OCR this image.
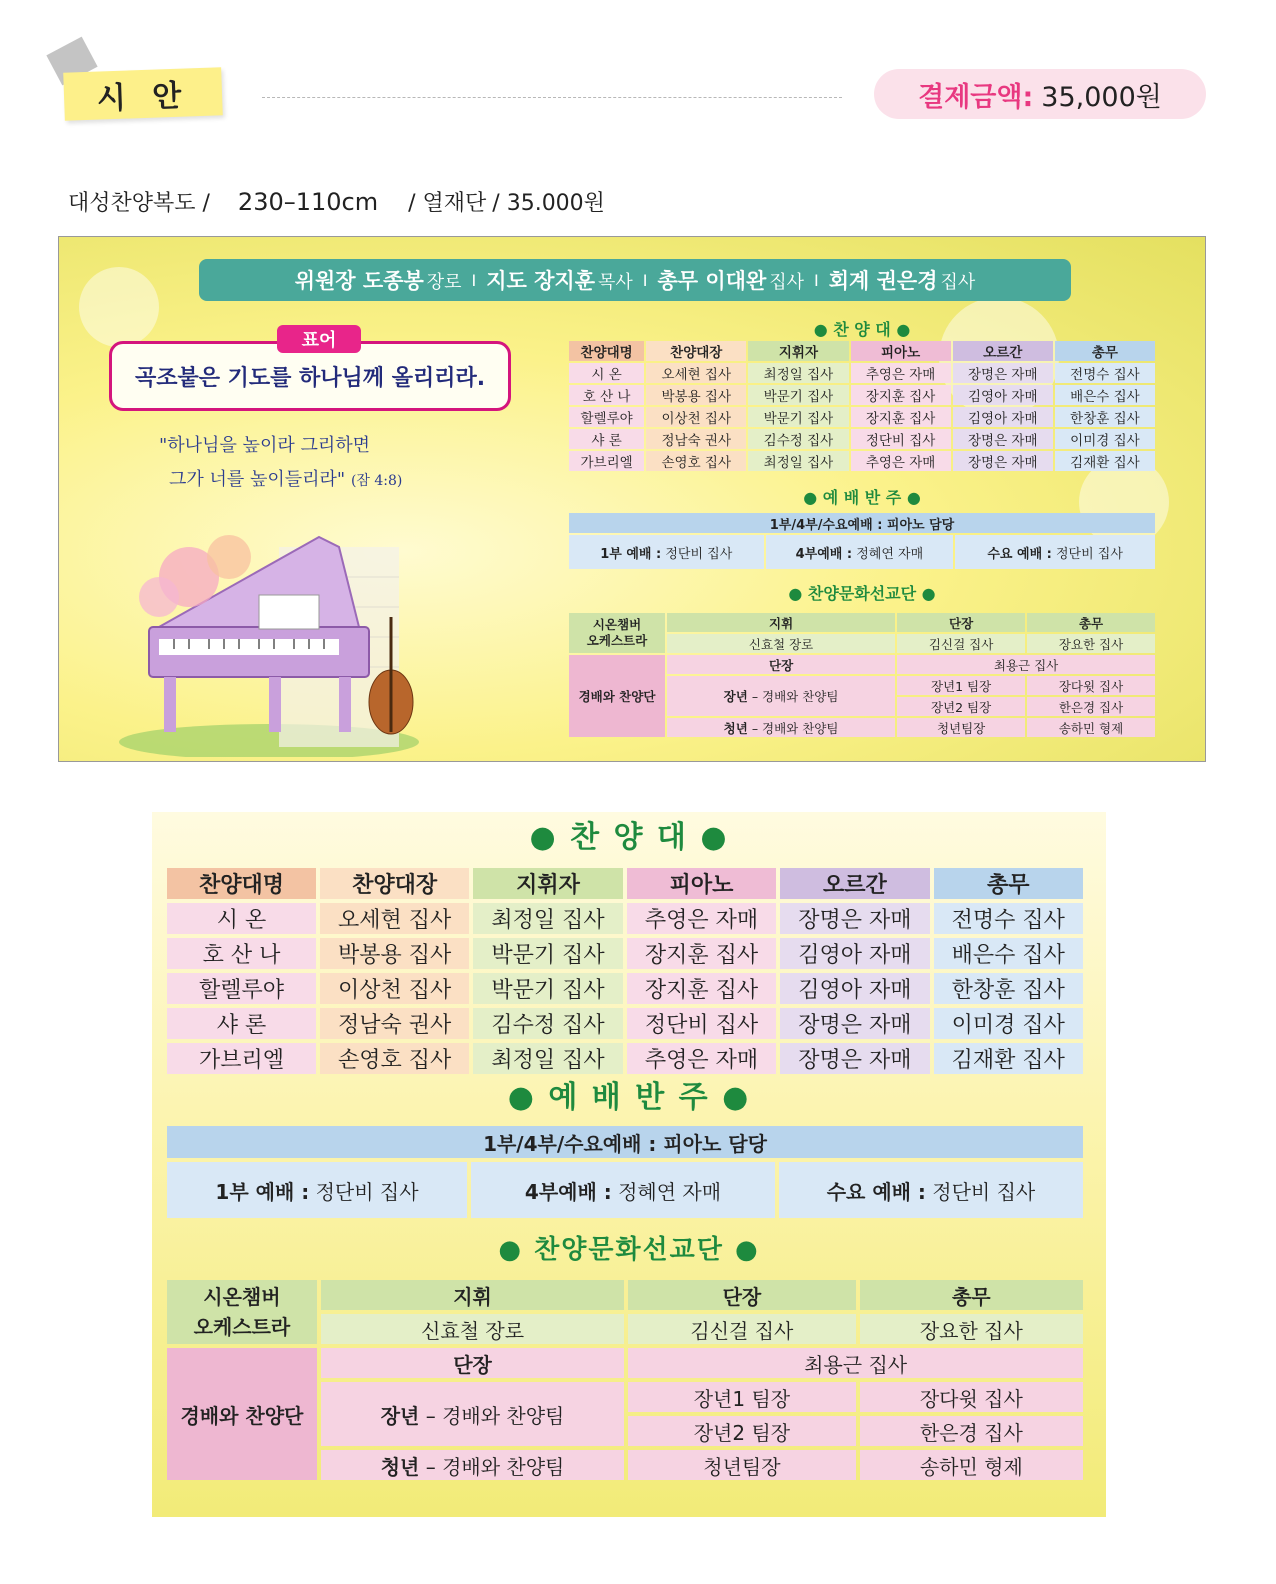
시 안	결제금액: 35,000원
대성찬양복도 / 230–110cm / 열재단 / 35.000원
위원장 도종봉 장로 I 지도 장지훈 목사 I 총무 이대완 집사 I 회계 권은경 집사
표어
곡조붙은 기도를 하나님께 올리리라.
"하나님을 높이라 그리하면
그가 너를 높이들리라" (잠 4:8)
● 찬 양 대 ●
찬양대명	찬양대장	지휘자	피아노	오르간	총무
시 온	오세현 집사	최정일 집사	추영은 자매	장명은 자매	전명수 집사
호 산 나	박봉용 집사	박문기 집사	장지훈 집사	김영아 자매	배은수 집사
할렐루야	이상천 집사	박문기 집사	장지훈 집사	김영아 자매	한창훈 집사
샤 론	정남숙 권사	김수정 집사	정단비 집사	장명은 자매	이미경 집사
가브리엘	손영호 집사	최정일 집사	추영은 자매	장명은 자매	김재환 집사
● 예 배 반 주 ●
1부/4부/수요예배 : 피아노 담당
1부 예배 : 정단비 집사	4부예배 : 정혜연 자매	수요 예배 : 정단비 집사
● 찬양문화선교단 ●
시온챔버
오케스트라	지휘	단장	총무
	신효철 장로	김신걸 집사	장요한 집사
경배와 찬양단	단장	최용근 집사	
	장년 – 경배와 찬양팀	장년1 팀장	장다윗 집사
		장년2 팀장	한은경 집사
	청년 – 경배와 찬양팀	청년팀장	송하민 형제
● 찬 양 대 ●
찬양대명	찬양대장	지휘자	피아노	오르간	총무
시 온	오세현 집사	최정일 집사	추영은 자매	장명은 자매	전명수 집사
호 산 나	박봉용 집사	박문기 집사	장지훈 집사	김영아 자매	배은수 집사
할렐루야	이상천 집사	박문기 집사	장지훈 집사	김영아 자매	한창훈 집사
샤 론	정남숙 권사	김수정 집사	정단비 집사	장명은 자매	이미경 집사
가브리엘	손영호 집사	최정일 집사	추영은 자매	장명은 자매	김재환 집사
● 예 배 반 주 ●
1부/4부/수요예배 : 피아노 담당
1부 예배 : 정단비 집사	4부예배 : 정혜연 자매	수요 예배 : 정단비 집사
● 찬양문화선교단 ●
시온챔버
오케스트라	지휘	단장	총무
	신효철 장로	김신걸 집사	장요한 집사
경배와 찬양단	단장	최용근 집사	
	장년 – 경배와 찬양팀	장년1 팀장	장다윗 집사
		장년2 팀장	한은경 집사
	청년 – 경배와 찬양팀	청년팀장	송하민 형제
